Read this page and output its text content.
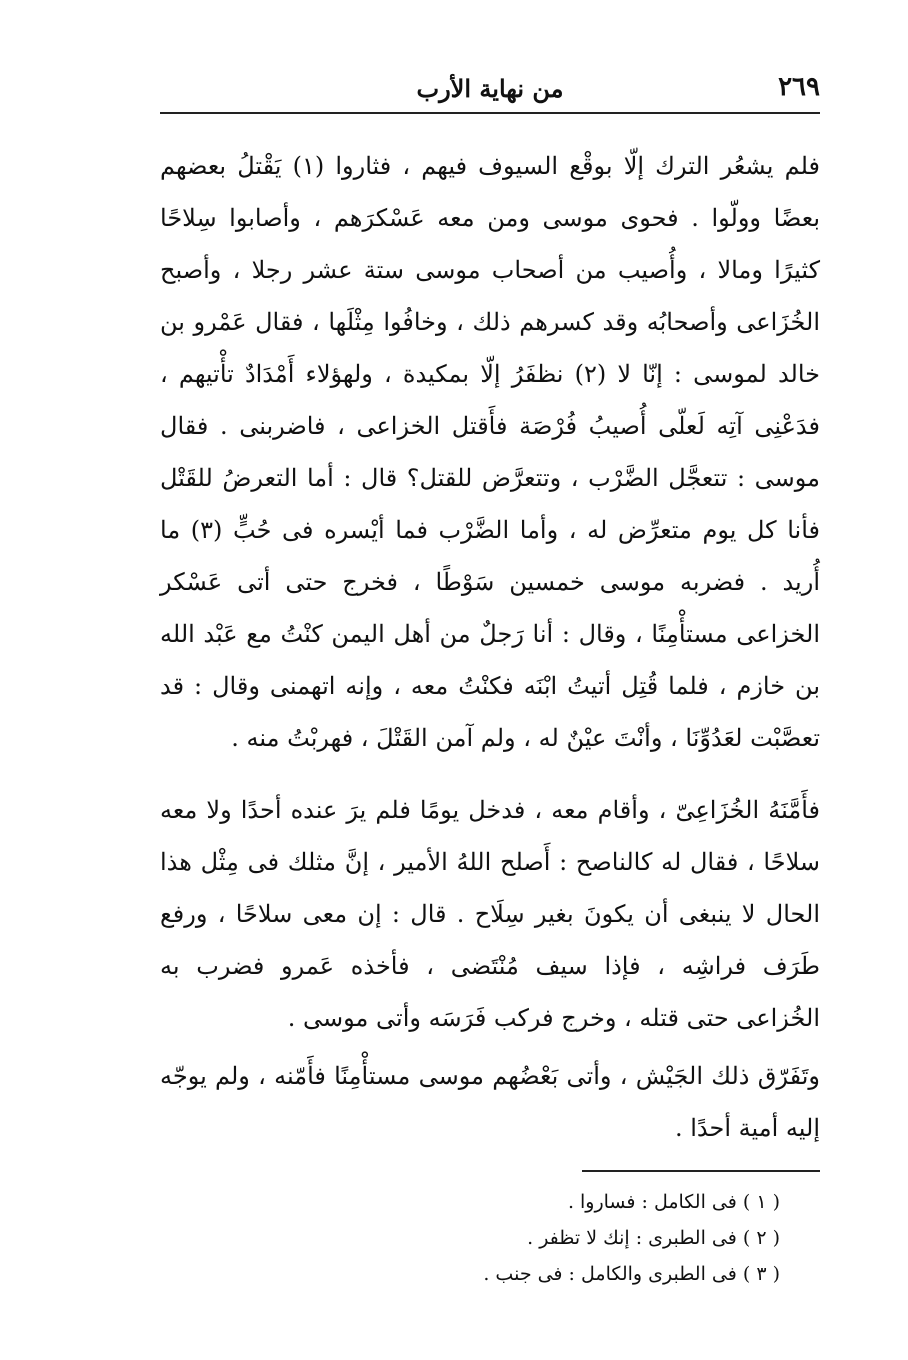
٢٦٩
من نهاية الأرب

فلم يشعُر الترك إلّا بوقْع السيوف فيهم ، فثاروا (١) يَقْتلُ بعضهم بعضًا وولّوا . فحوى موسى ومن معه عَسْكرَهم ، وأصابوا سِلاحًا كثيرًا ومالا ، وأُصيب من أصحاب موسى ستة عشر رجلا ، وأصبح الخُزَاعى وأصحابُه وقد كسرهم ذلك ، وخافُوا مِثْلَها ، فقال عَمْرو بن خالد لموسى : إنّا لا (٢) نظفَرُ إلّا بمكيدة ، ولهؤلاء أَمْدَادٌ تأْتيهم ، فدَعْنِى آتِه لَعلّى أُصيبُ فُرْصَة فأَقتل الخزاعى ، فاضربنى . فقال موسى : تتعجَّل الضَّرْب ، وتتعرَّض للقتل؟ قال : أما التعرضُ للقَتْل فأنا كل يوم متعرِّض له ، وأما الضَّرْب فما أيْسره فى حُبٍّ (٣) ما أُريد . فضربه موسى خمسين سَوْطًا ، فخرج حتى أتى عَسْكر الخزاعى مستأْمِنًا ، وقال : أنا رَجلٌ من أهل اليمن كنْتُ مع عَبْد الله بن خازم ، فلما قُتِل أتيتُ ابْنَه فكنْتُ معه ، وإنه اتهمنى وقال : قد تعصَّبْت لعَدُوِّنَا ، وأنْتَ عيْنٌ له ، ولم آمن القَتْلَ ، فهربْتُ منه .

فأَمَّنَهُ الخُزَاعِىّ ، وأقام معه ، فدخل يومًا فلم يرَ عنده أحدًا ولا معه سلاحًا ، فقال له كالناصح : أَصلح اللهُ الأمير ، إنَّ مثلك فى مِثْل هذا الحال لا ينبغى أن يكونَ بغير سِلَاح . قال : إن معى سلاحًا ، ورفع طَرَف فراشِه ، فإذا سيف مُنْتَضى ، فأخذه عَمرو فضرب به الخُزاعى حتى قتله ، وخرج فركب فَرَسَه وأتى موسى .

وتَفَرّق ذلك الجَيْش ، وأتى بَعْضُهم موسى مستأْمِنًا فأَمّنه ، ولم يوجّه إليه أمية أحدًا .

( ١ ) فى الكامل : فساروا .
( ٢ ) فى الطبرى : إنك لا تظفر .
( ٣ ) فى الطبرى والكامل : فى جنب .
